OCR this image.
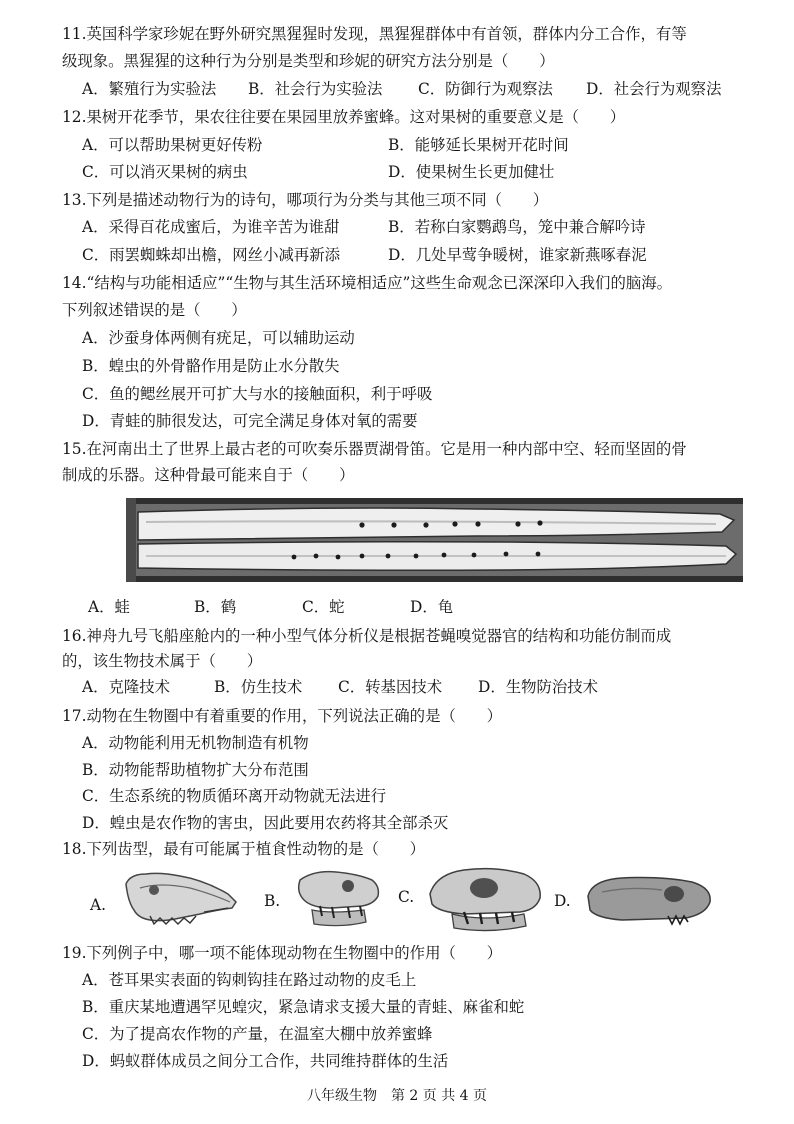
11.英国科学家珍妮在野外研究黑猩猩时发现，黑猩猩群体中有首领，群体内分工合作，有等
级现象。黑猩猩的这种行为分别是类型和珍妮的研究方法分别是（　　）
A．繁殖行为实验法 B．社会行为实验法 C．防御行为观察法 D．社会行为观察法
12.果树开花季节，果农往往要在果园里放养蜜蜂。这对果树的重要意义是（　　）
A．可以帮助果树更好传粉	B．能够延长果树开花时间
C．可以消灭果树的病虫	D．使果树生长更加健壮
13.下列是描述动物行为的诗句，哪项行为分类与其他三项不同（　　）
A．采得百花成蜜后，为谁辛苦为谁甜	B．若称白家鹦鹉鸟，笼中兼合解吟诗
C．雨罢蜘蛛却出檐，网丝小减再新添	D．几处早莺争暖树，谁家新燕啄春泥
14.“结构与功能相适应”“生物与其生活环境相适应”这些生命观念已深深印入我们的脑海。
下列叙述错误的是（　　）
A．沙蚕身体两侧有疣足，可以辅助运动
B．蝗虫的外骨骼作用是防止水分散失
C．鱼的鳃丝展开可扩大与水的接触面积，利于呼吸
D．青蛙的肺很发达，可完全满足身体对氧的需要
15.在河南出土了世界上最古老的可吹奏乐器贾湖骨笛。它是用一种内部中空、轻而坚固的骨
制成的乐器。这种骨最可能来自于（　　）
A．蛙	B．鹤	C．蛇	D．龟
16.神舟九号飞船座舱内的一种小型气体分析仪是根据苍蝇嗅觉器官的结构和功能仿制而成
的，该生物技术属于（　　）
A．克隆技术	B．仿生技术 C．转基因技术 D．生物防治技术
17.动物在生物圈中有着重要的作用，下列说法正确的是（　　）
A．动物能利用无机物制造有机物
B．动物能帮助植物扩大分布范围
C．生态系统的物质循环离开动物就无法进行
D．蝗虫是农作物的害虫，因此要用农药将其全部杀灭
18.下列齿型，最有可能属于植食性动物的是（　　）
A.	B.	C.	D.
19.下列例子中，哪一项不能体现动物在生物圈中的作用（　　）
A．苍耳果实表面的钩刺钩挂在路过动物的皮毛上
B．重庆某地遭遇罕见蝗灾，紧急请求支援大量的青蛙、麻雀和蛇
C．为了提高农作物的产量，在温室大棚中放养蜜蜂
D．蚂蚁群体成员之间分工合作，共同维持群体的生活
八年级生物　第 2 页 共 4 页
